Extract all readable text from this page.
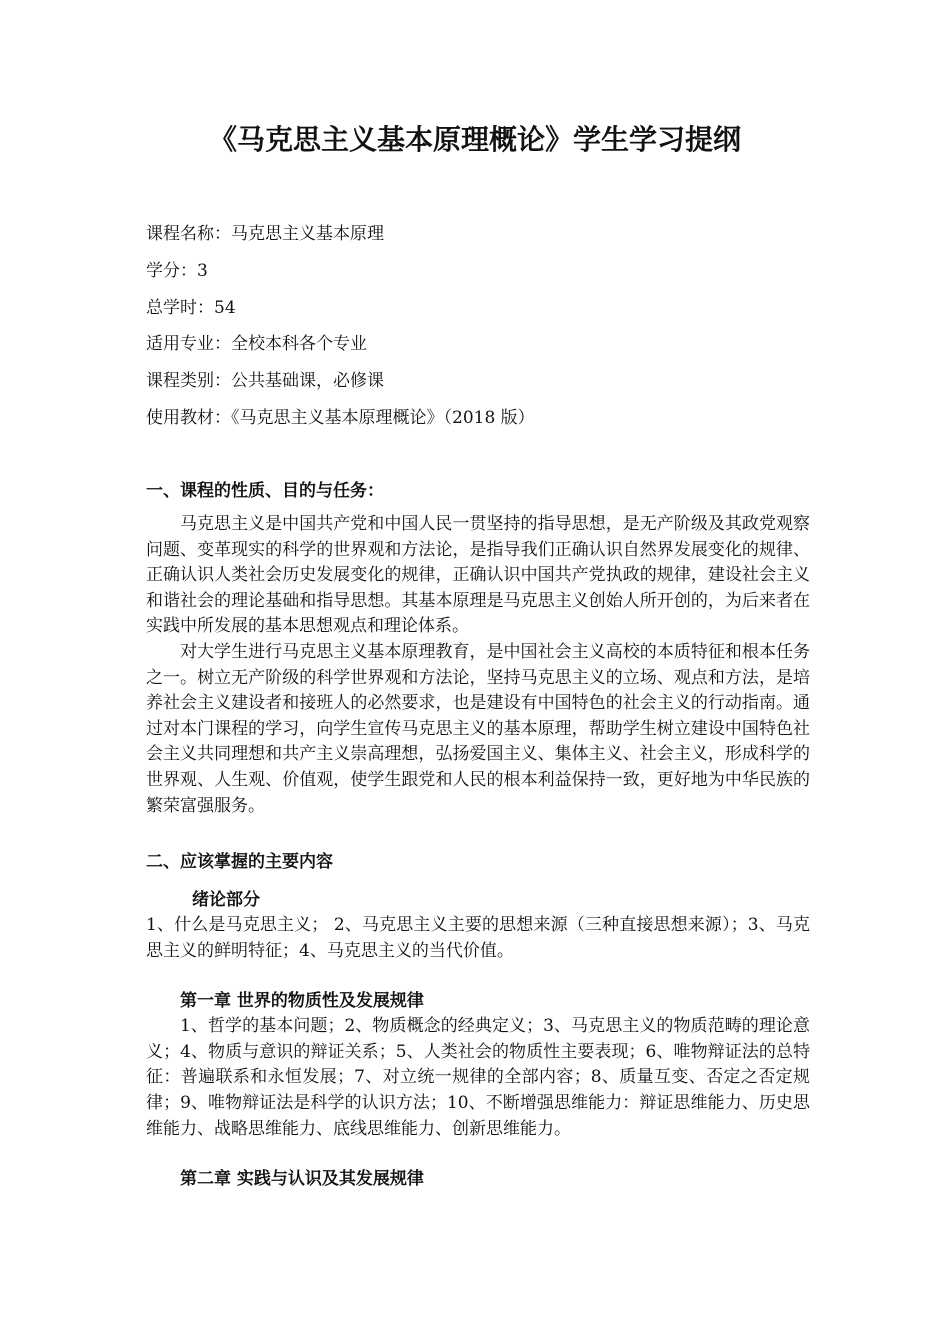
《马克思主义基本原理概论》学生学习提纲
课程名称：马克思主义基本原理
学分：3
总学时：54
适用专业：全校本科各个专业
课程类别：公共基础课，必修课
使用教材：《马克思主义基本原理概论》（2018 版）

一、课程的性质、目的与任务：

马克思主义是中国共产党和中国人民一贯坚持的指导思想，是无产阶级及其政党观察问题、变革现实的科学的世界观和方法论，是指导我们正确认识自然界发展变化的规律、正确认识人类社会历史发展变化的规律，正确认识中国共产党执政的规律，建设社会主义和谐社会的理论基础和指导思想。其基本原理是马克思主义创始人所开创的，为后来者在实践中所发展的基本思想观点和理论体系。

对大学生进行马克思主义基本原理教育，是中国社会主义高校的本质特征和根本任务之一。树立无产阶级的科学世界观和方法论，坚持马克思主义的立场、观点和方法，是培养社会主义建设者和接班人的必然要求，也是建设有中国特色的社会主义的行动指南。通过对本门课程的学习，向学生宣传马克思主义的基本原理，帮助学生树立建设中国特色社会主义共同理想和共产主义崇高理想，弘扬爱国主义、集体主义、社会主义，形成科学的世界观、人生观、价值观，使学生跟党和人民的根本利益保持一致，更好地为中华民族的繁荣富强服务。

二、应该掌握的主要内容

绪论部分

1、什么是马克思主义； 2、马克思主义主要的思想来源（三种直接思想来源）；3、马克思主义的鲜明特征；4、马克思主义的当代价值。

第一章 世界的物质性及发展规律

1、哲学的基本问题；2、物质概念的经典定义；3、马克思主义的物质范畴的理论意义；4、物质与意识的辩证关系；5、人类社会的物质性主要表现；6、唯物辩证法的总特征：普遍联系和永恒发展；7、对立统一规律的全部内容；8、质量互变、否定之否定规律；9、唯物辩证法是科学的认识方法；10、不断增强思维能力：辩证思维能力、历史思维能力、战略思维能力、底线思维能力、创新思维能力。

第二章 实践与认识及其发展规律
